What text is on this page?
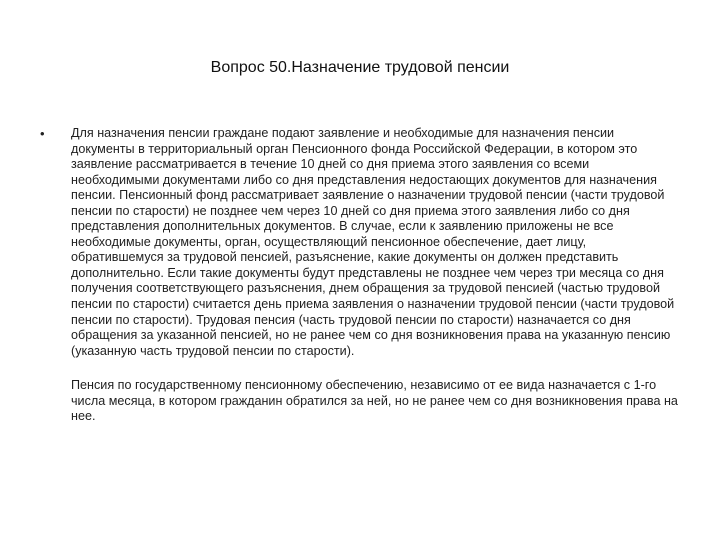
Вопрос 50.Назначение трудовой пенсии
• Для назначения пенсии граждане подают заявление и необходимые для назначения пенсии документы в территориальный орган Пенсионного фонда Российской Федерации, в котором это заявление рассматривается в течение 10 дней со дня приема этого заявления со всеми необходимыми документами либо со дня представления недостающих документов для назначения пенсии. Пенсионный фонд рассматривает заявление о назначении трудовой пенсии (части трудовой пенсии по старости) не позднее чем через 10 дней со дня приема этого заявления либо со дня представления дополнительных документов. В случае, если к заявлению приложены не все необходимые документы, орган, осуществляющий пенсионное обеспечение, дает лицу, обратившемуся за трудовой пенсией, разъяснение, какие документы он должен представить дополнительно. Если такие документы будут представлены не позднее чем через три месяца со дня получения соответствующего разъяснения, днем обращения за трудовой пенсией (частью трудовой пенсии по старости) считается день приема заявления о назначении трудовой пенсии (части трудовой пенсии по старости). Трудовая пенсия (часть трудовой пенсии по старости) назначается со дня обращения за указанной пенсией, но не ранее чем со дня возникновения права на указанную пенсию (указанную часть трудовой пенсии по старости).

Пенсия по государственному пенсионному обеспечению, независимо от ее вида назначается с 1-го числа месяца, в котором гражданин обратился за ней, но не ранее чем со дня возникновения права на нее.
